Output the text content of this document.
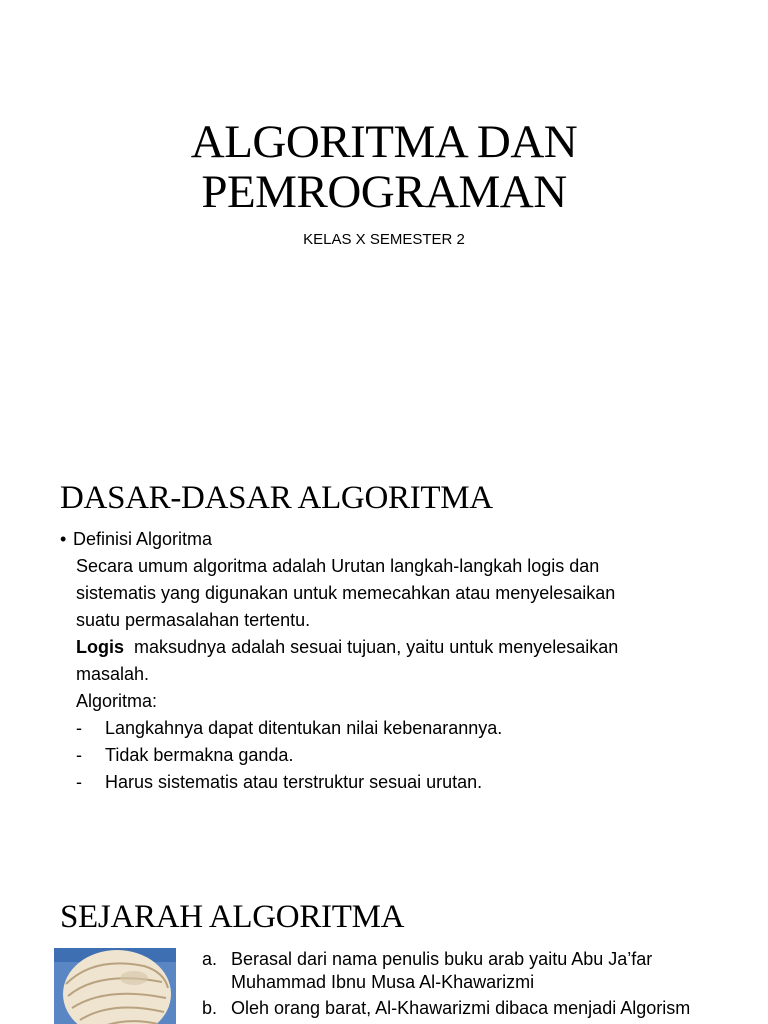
ALGORITMA DAN
PEMROGRAMAN
KELAS X SEMESTER 2
DASAR-DASAR ALGORITMA
• Definisi Algoritma
Secara umum algoritma adalah Urutan langkah-langkah logis dan
sistematis yang digunakan untuk memecahkan atau menyelesaikan
suatu permasalahan tertentu.
Logis maksudnya adalah sesuai tujuan, yaitu untuk menyelesaikan
masalah.
Algoritma:
- Langkahnya dapat ditentukan nilai kebenarannya.
- Tidak bermakna ganda.
- Harus sistematis atau terstruktur sesuai urutan.
SEJARAH ALGORITMA
a. Berasal dari nama penulis buku arab yaitu Abu Ja’far
Muhammad Ibnu Musa Al-Khawarizmi
b. Oleh orang barat, Al-Khawarizmi dibaca menjadi Algorism
